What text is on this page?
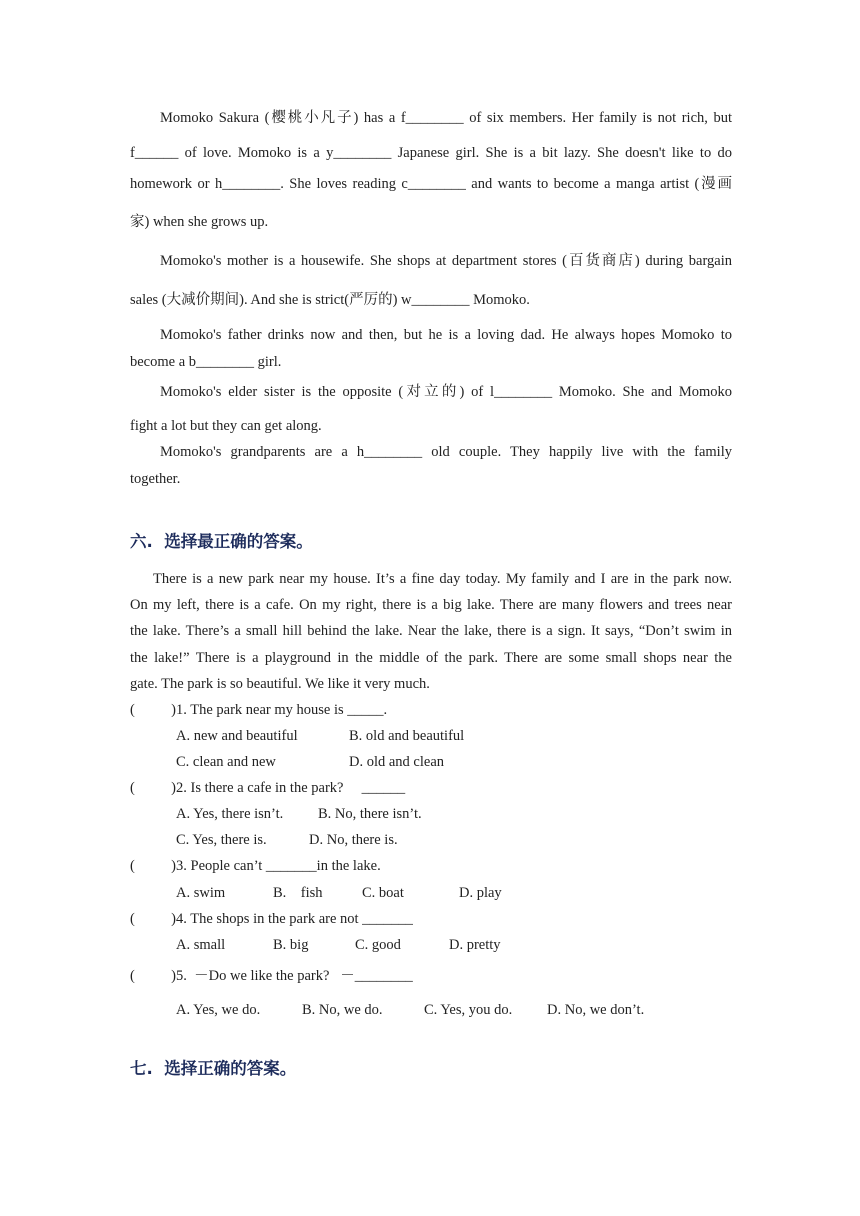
Momoko Sakura (樱桃小凡子) has a f________ of six members. Her family is not rich, but
f______ of love. Momoko is a y________ Japanese girl. She is a bit lazy. She doesn't like to do
homework or h________. She loves reading c________ and wants to become a manga artist (漫画
家) when she grows up.
Momoko's mother is a housewife. She shops at department stores (百货商店) during bargain
sales (大减价期间). And she is strict(严厉的) w________ Momoko.
Momoko's father drinks now and then, but he is a loving dad. He always hopes Momoko to
become a b________ girl.
Momoko's elder sister is the opposite (对立的) of l________ Momoko. She and Momoko
fight a lot but they can get along.
Momoko's grandparents are a h________ old couple. They happily live with the family
together.
六.  选择最正确的答案。
There is a new park near my house. It’s a fine day today. My family and I are in the park now.
On my left, there is a cafe. On my right, there is a big lake. There are many flowers and trees near
the lake. There’s a small hill behind the lake. Near the lake, there is a sign. It says, “Don’t swim in
the lake!” There is a playground in the middle of the park. There are some small shops near the
gate. The park is so beautiful. We like it very much.
(          ) 1. The park near my house is _____.
A. new and beautiful	B. old and beautiful
C. clean and new	D. old and clean
(          ) 2. Is there a cafe in the park?     ______
A. Yes, there isn’t. B. No, there isn’t.
C. Yes, there is.	D. No, there is.
(          ) 3. People can’t _______in the lake.
A. swim	B.    fish	C. boat	D. play
(          ) 4. The shops in the park are not _______
A. small	B. big	C. good	D. pretty
(          ) 5.  －Do we like the park?   －________
A. Yes, we do.	B. No, we do.	C. Yes, you do. D. No, we don’t.
七.  选择正确的答案。
